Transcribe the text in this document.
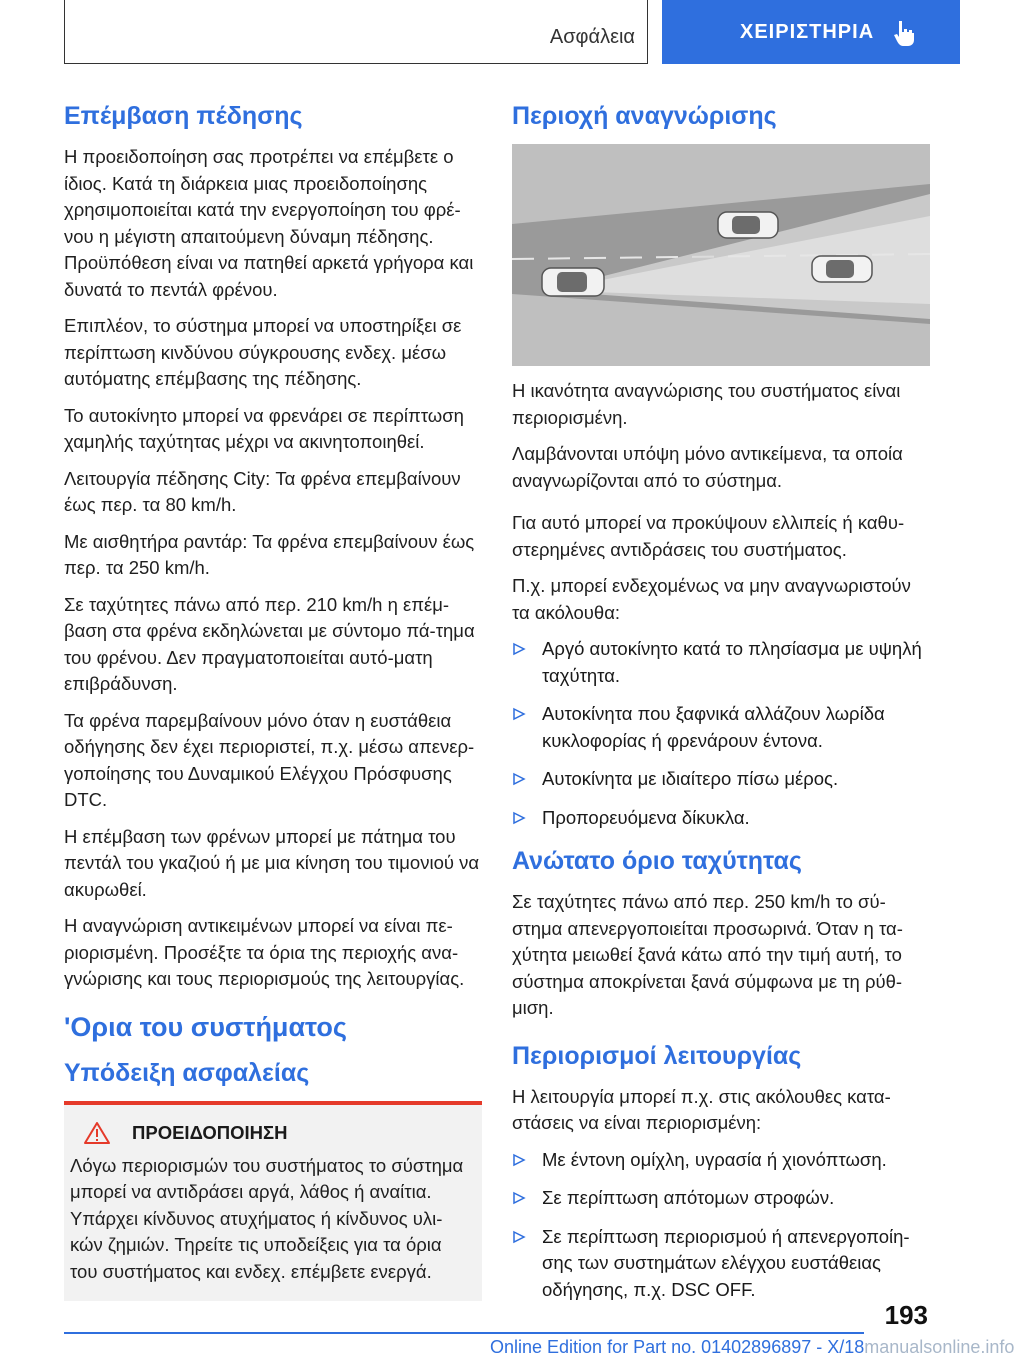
Ασφάλεια	ΧΕΙΡΙΣΤΗΡΙΑ
Επέμβαση πέδησης

Η προειδοποίηση σας προτρέπει να επέμβετε ο ίδιος. Κατά τη διάρκεια μιας προειδοποίησης χρησιμοποιείται κατά την ενεργοποίηση του φρέ-νου η μέγιστη απαιτούμενη δύναμη πέδησης. Προϋπόθεση είναι να πατηθεί αρκετά γρήγορα και δυνατά το πεντάλ φρένου.

Επιπλέον, το σύστημα μπορεί να υποστηρίξει σε περίπτωση κινδύνου σύγκρουσης ενδεχ. μέσω αυτόματης επέμβασης της πέδησης.

Το αυτοκίνητο μπορεί να φρενάρει σε περίπτωση χαμηλής ταχύτητας μέχρι να ακινητοποιηθεί.

Λειτουργία πέδησης City: Τα φρένα επεμβαίνουν έως περ. τα 80 km/h.

Με αισθητήρα ραντάρ: Τα φρένα επεμβαίνουν έως περ. τα 250 km/h.

Σε ταχύτητες πάνω από περ. 210 km/h η επέμ-βαση στα φρένα εκδηλώνεται με σύντομο πά-τημα του φρένου. Δεν πραγματοποιείται αυτό-ματη επιβράδυνση.

Τα φρένα παρεμβαίνουν μόνο όταν η ευστάθεια οδήγησης δεν έχει περιοριστεί, π.χ. μέσω απενερ-γοποίησης του Δυναμικού Ελέγχου Πρόσφυσης DTC.

Η επέμβαση των φρένων μπορεί με πάτημα του πεντάλ του γκαζιού ή με μια κίνηση του τιμονιού να ακυρωθεί.

Η αναγνώριση αντικειμένων μπορεί να είναι πε-ριορισμένη. Προσέξτε τα όρια της περιοχής ανα-γνώρισης και τους περιορισμούς της λειτουργίας.

'Ορια του συστήματος
Υπόδειξη ασφαλείας
ΠΡΟΕΙΔΟΠΟΙΗΣΗ

Λόγω περιορισμών του συστήματος το σύστημα μπορεί να αντιδράσει αργά, λάθος ή αναίτια. Υπάρχει κίνδυνος ατυχήματος ή κίνδυνος υλι-κών ζημιών. Τηρείτε τις υποδείξεις για τα όρια του συστήματος και ενδεχ. επέμβετε ενεργά.

Περιοχή αναγνώρισης

Η ικανότητα αναγνώρισης του συστήματος είναι περιορισμένη.

Λαμβάνονται υπόψη μόνο αντικείμενα, τα οποία αναγνωρίζονται από το σύστημα.

Για αυτό μπορεί να προκύψουν ελλιπείς ή καθυ-στερημένες αντιδράσεις του συστήματος.

Π.χ. μπορεί ενδεχομένως να μην αναγνωριστούν τα ακόλουθα:

Αργό αυτοκίνητο κατά το πλησίασμα με υψηλή ταχύτητα.
Αυτοκίνητα που ξαφνικά αλλάζουν λωρίδα κυκλοφορίας ή φρενάρουν έντονα.
Αυτοκίνητα με ιδιαίτερο πίσω μέρος.
Προπορευόμενα δίκυκλα.
Ανώτατο όριο ταχύτητας

Σε ταχύτητες πάνω από περ. 250 km/h το σύ-στημα απενεργοποιείται προσωρινά. Όταν η τα-χύτητα μειωθεί ξανά κάτω από την τιμή αυτή, το σύστημα αποκρίνεται ξανά σύμφωνα με τη ρύθ-μιση.

Περιορισμοί λειτουργίας

Η λειτουργία μπορεί π.χ. στις ακόλουθες κατα-στάσεις να είναι περιορισμένη:

Με έντονη ομίχλη, υγρασία ή χιονόπτωση.
Σε περίπτωση απότομων στροφών.
Σε περίπτωση περιορισμού ή απενεργοποίη-σης των συστημάτων ελέγχου ευστάθειας οδήγησης, π.χ. DSC OFF.
193
Online Edition for Part no. 01402896897 - X/18manualsonline.info
